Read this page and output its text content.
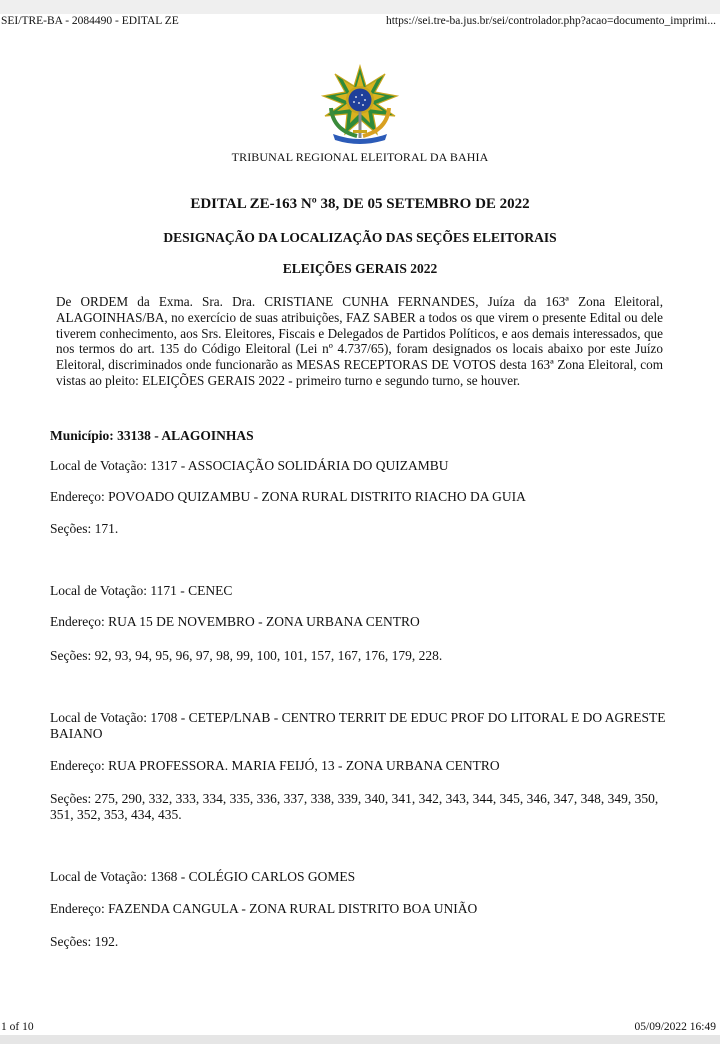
SEI/TRE-BA - 2084490 - EDITAL ZE	https://sei.tre-ba.jus.br/sei/controlador.php?acao=documento_imprimi...
TRIBUNAL REGIONAL ELEITORAL DA BAHIA
EDITAL ZE-163 Nº 38, DE 05 SETEMBRO DE 2022
DESIGNAÇÃO DA LOCALIZAÇÃO DAS SEÇÕES ELEITORAIS
ELEIÇÕES GERAIS 2022
De ORDEM da Exma. Sra. Dra. CRISTIANE CUNHA FERNANDES, Juíza da 163ª Zona Eleitoral, ALAGOINHAS/BA, no exercício de suas atribuições, FAZ SABER a todos os que virem o presente Edital ou dele tiverem conhecimento, aos Srs. Eleitores, Fiscais e Delegados de Partidos Políticos, e aos demais interessados, que nos termos do art. 135 do Código Eleitoral (Lei nº 4.737/65), foram designados os locais abaixo por este Juízo Eleitoral, discriminados onde funcionarão as MESAS RECEPTORAS DE VOTOS desta 163ª Zona Eleitoral, com vistas ao pleito: ELEIÇÕES GERAIS 2022 - primeiro turno e segundo turno, se houver.
Município: 33138 - ALAGOINHAS
Local de Votação: 1317 - ASSOCIAÇÃO SOLIDÁRIA DO QUIZAMBU
Endereço: POVOADO QUIZAMBU - ZONA RURAL DISTRITO RIACHO DA GUIA
Seções: 171.
Local de Votação: 1171 - CENEC
Endereço: RUA 15 DE NOVEMBRO - ZONA URBANA CENTRO
Seções: 92, 93, 94, 95, 96, 97, 98, 99, 100, 101, 157, 167, 176, 179, 228.
Local de Votação: 1708 - CETEP/LNAB - CENTRO TERRIT DE EDUC PROF DO LITORAL E DO AGRESTE BAIANO
Endereço: RUA PROFESSORA. MARIA FEIJÓ, 13 - ZONA URBANA CENTRO
Seções: 275, 290, 332, 333, 334, 335, 336, 337, 338, 339, 340, 341, 342, 343, 344, 345, 346, 347, 348, 349, 350, 351, 352, 353, 434, 435.
Local de Votação: 1368 - COLÉGIO CARLOS GOMES
Endereço: FAZENDA CANGULA - ZONA RURAL DISTRITO BOA UNIÃO
Seções: 192.
1 of 10	05/09/2022 16:49
